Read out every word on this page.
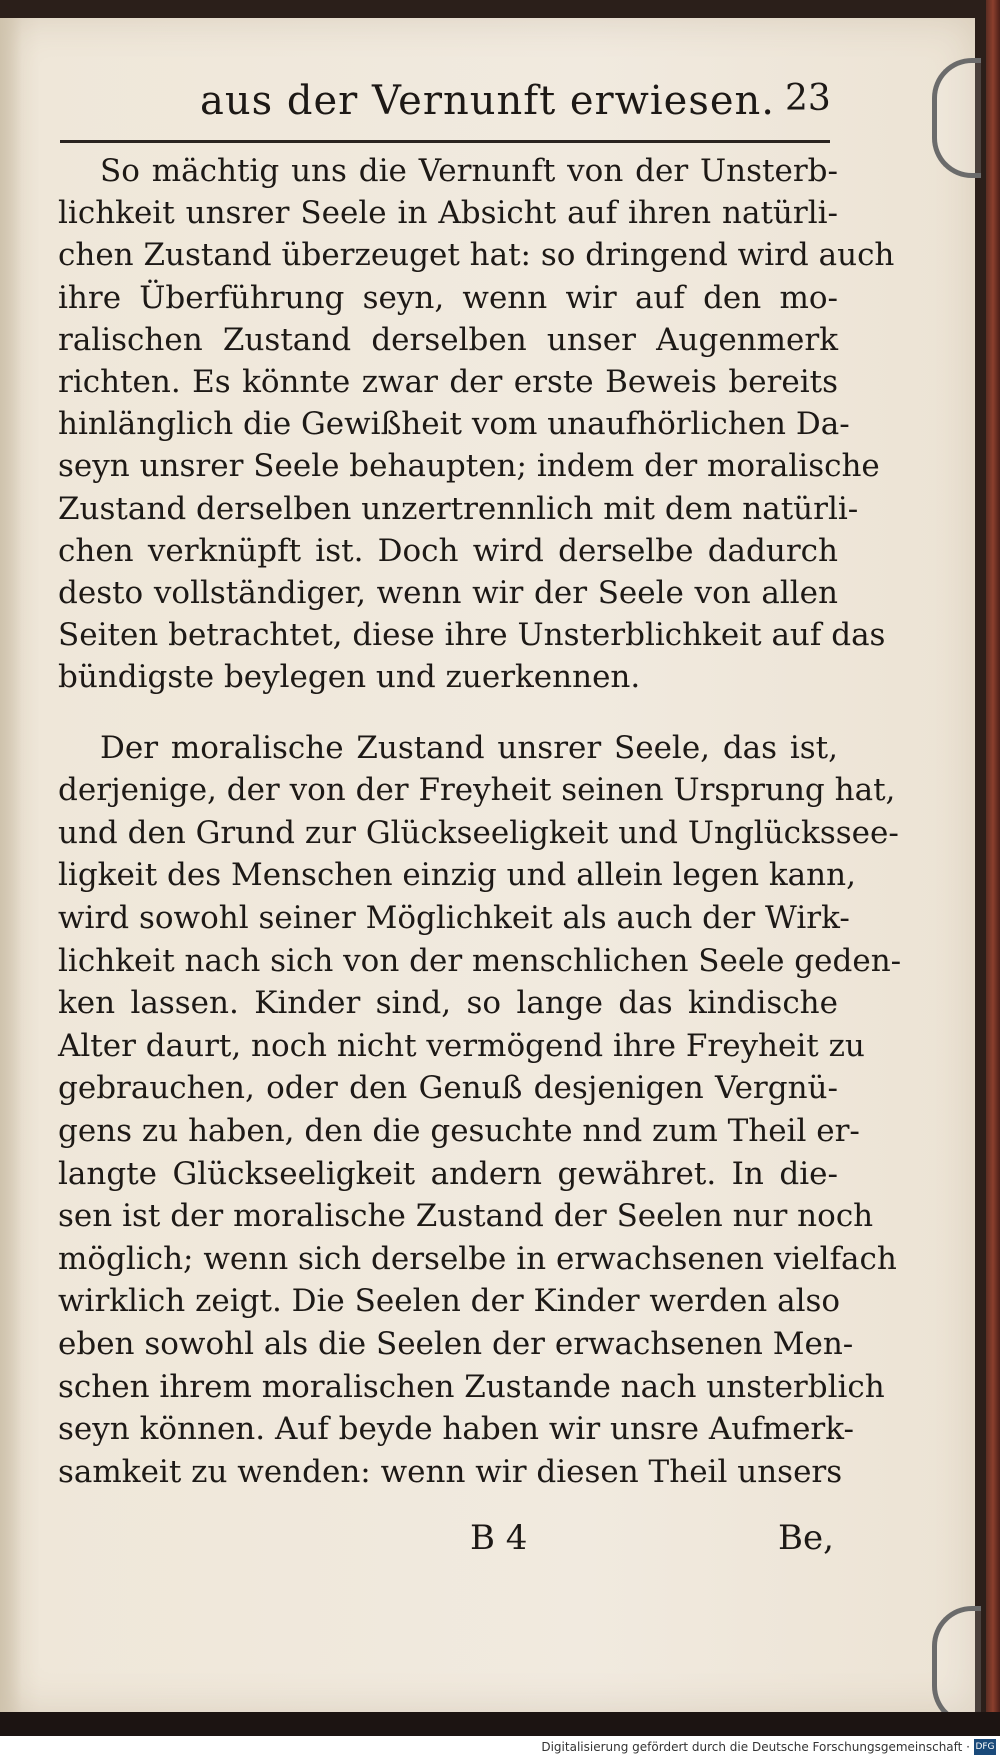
aus der Vernunft erwiesen. 23
So mächtig uns die Vernunft von der Unsterb-
lichkeit unsrer Seele in Absicht auf ihren natürli-
chen Zustand überzeuget hat: so dringend wird auch
ihre Überführung seyn, wenn wir auf den mo-
ralischen Zustand derselben unser Augenmerk
richten. Es könnte zwar der erste Beweis bereits
hinlänglich die Gewißheit vom unaufhörlichen Da-
seyn unsrer Seele behaupten; indem der moralische
Zustand derselben unzertrennlich mit dem natürli-
chen verknüpft ist. Doch wird derselbe dadurch
desto vollständiger, wenn wir der Seele von allen
Seiten betrachtet, diese ihre Unsterblichkeit auf das
bündigste beylegen und zuerkennen.
Der moralische Zustand unsrer Seele, das ist,
derjenige, der von der Freyheit seinen Ursprung hat,
und den Grund zur Glückseeligkeit und Unglückssee-
ligkeit des Menschen einzig und allein legen kann,
wird sowohl seiner Möglichkeit als auch der Wirk-
lichkeit nach sich von der menschlichen Seele geden-
ken lassen. Kinder sind, so lange das kindische
Alter daurt, noch nicht vermögend ihre Freyheit zu
gebrauchen, oder den Genuß desjenigen Vergnü-
gens zu haben, den die gesuchte nnd zum Theil er-
langte Glückseeligkeit andern gewähret. In die-
sen ist der moralische Zustand der Seelen nur noch
möglich; wenn sich derselbe in erwachsenen vielfach
wirklich zeigt. Die Seelen der Kinder werden also
eben sowohl als die Seelen der erwachsenen Men-
schen ihrem moralischen Zustande nach unsterblich
seyn können. Auf beyde haben wir unsre Aufmerk-
samkeit zu wenden: wenn wir diesen Theil unsers
B 4	Be,
Digitalisierung gefördert durch die Deutsche Forschungsgemeinschaft · DFG
